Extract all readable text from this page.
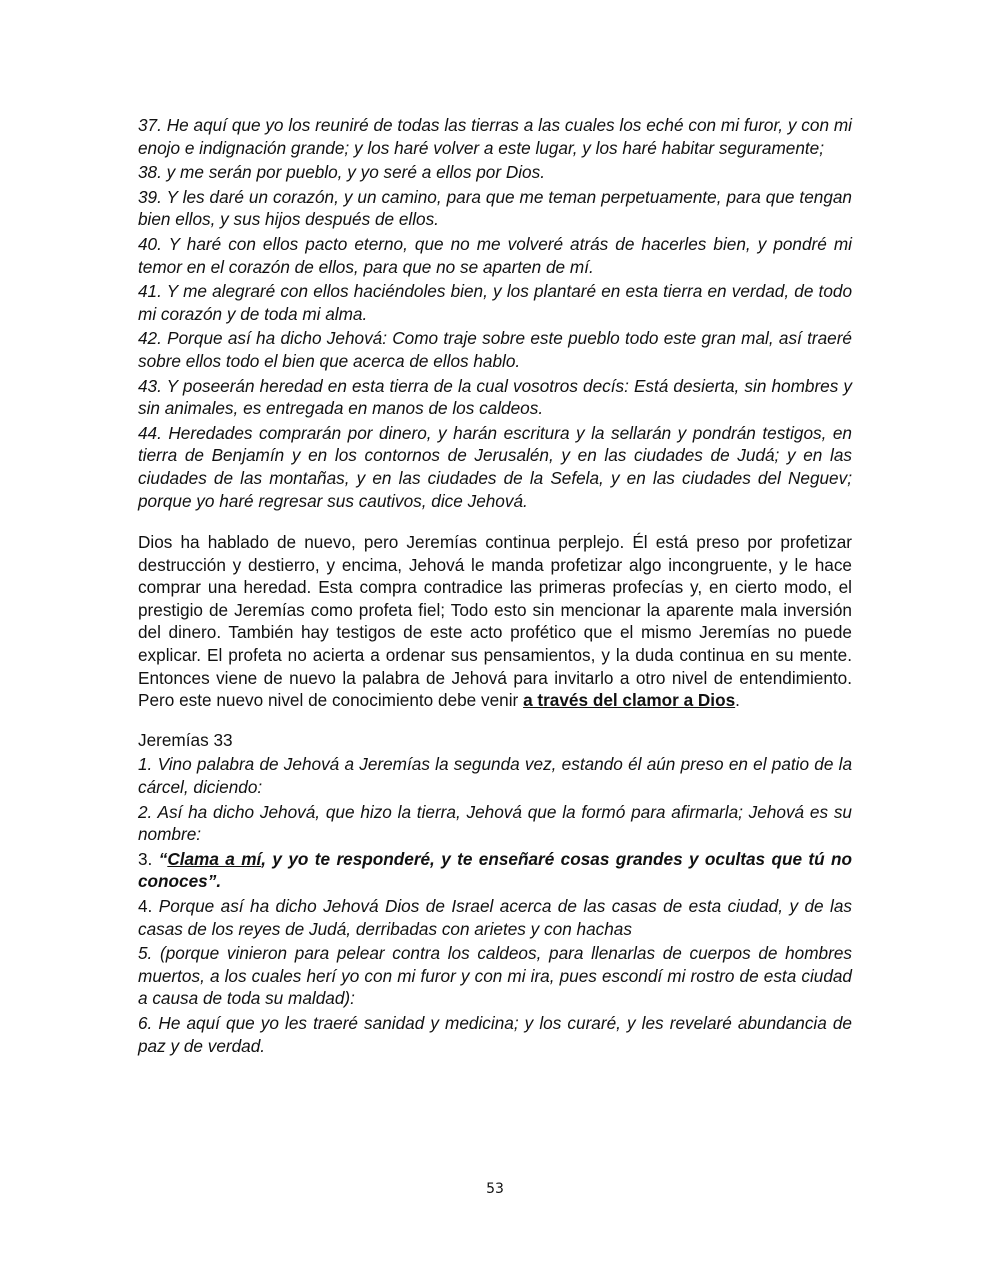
37. He aquí que yo los reuniré de todas las tierras a las cuales los eché con mi furor, y con mi enojo e indignación grande; y los haré volver a este lugar, y los haré habitar seguramente;

38. y me serán por pueblo, y yo seré a ellos por Dios.

39. Y les daré un corazón, y un camino, para que me teman perpetuamente, para que tengan bien ellos, y sus hijos después de ellos.

40. Y haré con ellos pacto eterno, que no me volveré atrás de hacerles bien, y pondré mi temor en el corazón de ellos, para que no se aparten de mí.

41. Y me alegraré con ellos haciéndoles bien, y los plantaré en esta tierra en verdad, de todo mi corazón y de toda mi alma.

42. Porque así ha dicho Jehová: Como traje sobre este pueblo todo este gran mal, así traeré sobre ellos todo el bien que acerca de ellos hablo.

43. Y poseerán heredad en esta tierra de la cual vosotros decís: Está desierta, sin hombres y sin animales, es entregada en manos de los caldeos.

44. Heredades comprarán por dinero, y harán escritura y la sellarán y pondrán testigos, en tierra de Benjamín y en los contornos de Jerusalén, y en las ciudades de Judá; y en las ciudades de las montañas, y en las ciudades de la Sefela, y en las ciudades del Neguev; porque yo haré regresar sus cautivos, dice Jehová.

Dios ha hablado de nuevo, pero Jeremías continua perplejo. Él está preso por profetizar destrucción y destierro, y encima, Jehová le manda profetizar algo incongruente, y le hace comprar una heredad. Esta compra contradice las primeras profecías y, en cierto modo, el prestigio de Jeremías como profeta fiel; Todo esto sin mencionar la aparente mala inversión del dinero. También hay testigos de este acto profético que el mismo Jeremías no puede explicar. El profeta no acierta a ordenar sus pensamientos, y la duda continua en su mente. Entonces viene de nuevo la palabra de Jehová para invitarlo a otro nivel de entendimiento. Pero este nuevo nivel de conocimiento debe venir a través del clamor a Dios.

Jeremías 33

1. Vino palabra de Jehová a Jeremías la segunda vez, estando él aún preso en el patio de la cárcel, diciendo:

2. Así ha dicho Jehová, que hizo la tierra, Jehová que la formó para afirmarla; Jehová es su nombre:

3. “Clama a mí, y yo te responderé, y te enseñaré cosas grandes y ocultas que tú no conoces”.

4. Porque así ha dicho Jehová Dios de Israel acerca de las casas de esta ciudad, y de las casas de los reyes de Judá, derribadas con arietes y con hachas

5. (porque vinieron para pelear contra los caldeos, para llenarlas de cuerpos de hombres muertos, a los cuales herí yo con mi furor y con mi ira, pues escondí mi rostro de esta ciudad a causa de toda su maldad):

6. He aquí que yo les traeré sanidad y medicina; y los curaré, y les revelaré abundancia de paz y de verdad.

53
